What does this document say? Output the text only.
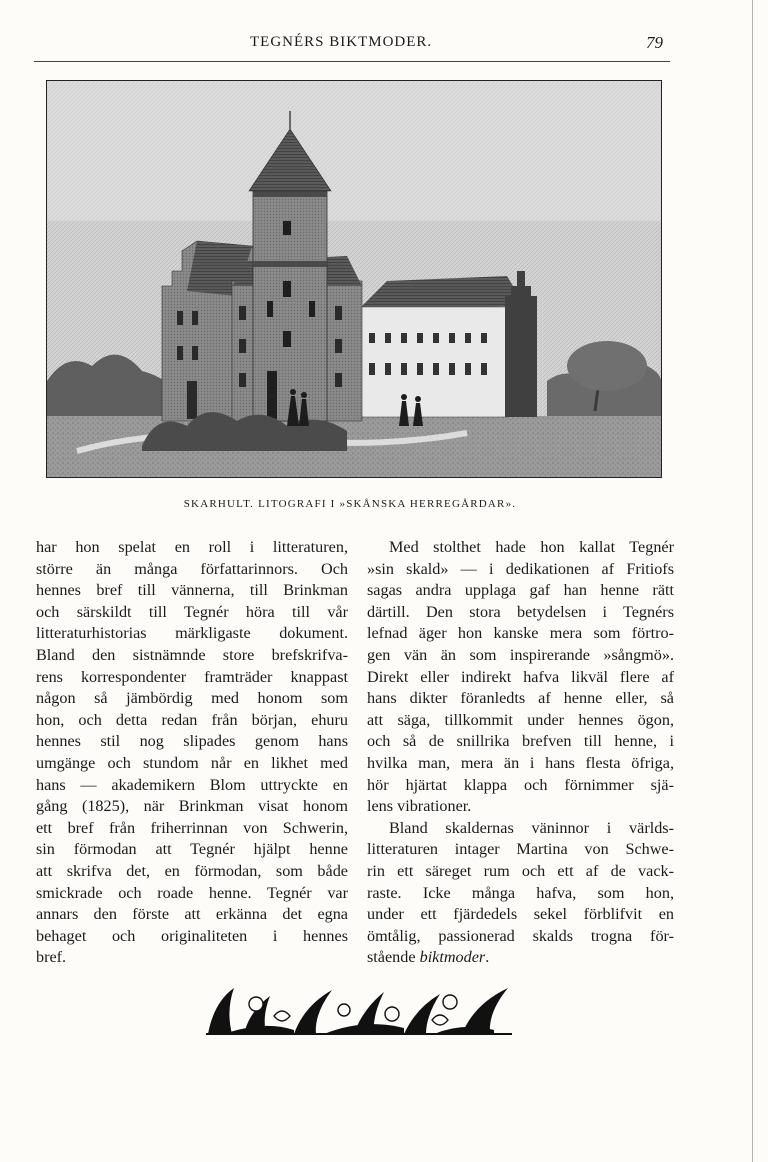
TEGNÉRS BIKTMODER.	79
SKARHULT. LITOGRAFI I »SKÅNSKA HERREGÅRDAR».
har hon spelat en roll i litteraturen,
större än många författarinnors. Och
hennes bref till vännerna, till Brinkman
och särskildt till Tegnér höra till vår
litteraturhistorias märkligaste dokument.
Bland den sistnämnde store brefskrifva-
rens korrespondenter framträder knappast
någon så jämbördig med honom som
hon, och detta redan från början, ehuru
hennes stil nog slipades genom hans
umgänge och stundom når en likhet med
hans — akademikern Blom uttryckte en
gång (1825), när Brinkman visat honom
ett bref från friherrinnan von Schwerin,
sin förmodan att Tegnér hjälpt henne
att skrifva det, en förmodan, som både
smickrade och roade henne. Tegnér var
annars den förste att erkänna det egna
behaget och originaliteten i hennes
bref.
Med stolthet hade hon kallat Tegnér
»sin skald» — i dedikationen af Fritiofs
sagas andra upplaga gaf han henne rätt
därtill. Den stora betydelsen i Tegnérs
lefnad äger hon kanske mera som förtro-
gen vän än som inspirerande »sångmö».
Direkt eller indirekt hafva likväl flere af
hans dikter föranledts af henne eller, så
att säga, tillkommit under hennes ögon,
och så de snillrika brefven till henne, i
hvilka man, mera än i hans flesta öfriga,
hör hjärtat klappa och förnimmer sjä-
lens vibrationer.
Bland skaldernas väninnor i världs-
litteraturen intager Martina von Schwe-
rin ett säreget rum och ett af de vack-
raste. Icke många hafva, som hon,
under ett fjärdedels sekel förblifvit en
ömtålig, passionerad skalds trogna för-
stående biktmoder.
